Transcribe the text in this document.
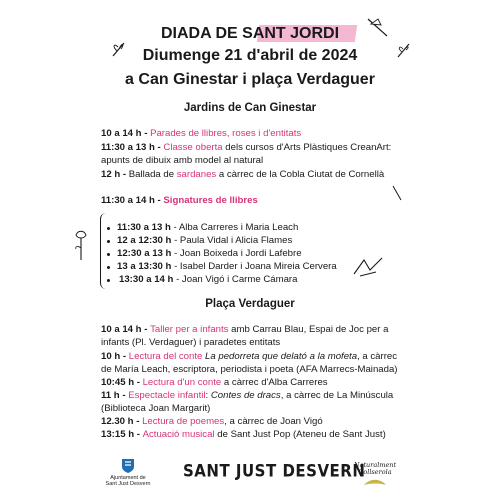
DIADA DE SANT JORDI
Diumenge 21 d'abril de 2024
a Can Ginestar i plaça Verdaguer
Jardins de Can Ginestar
10 a 14 h - Parades de llibres, roses i d'entitats
11:30 a 13 h - Classe oberta dels cursos d'Arts Plàstiques CreanArt:
apunts de dibuix amb model al natural
12 h - Ballada de sardanes a càrrec de la Cobla Ciutat de Cornellà
11:30 a 14 h - Signatures de llibres
11:30 a 13 h - Alba Carreres i Maria Leach
12 a 12:30 h - Paula Vidal i Alicia Flames
12:30 a 13 h - Joan Boixeda i Jordi Lafebre
13 a 13:30 h - Isabel Darder i Joana Mireia Cervera
13:30 a 14 h - Joan Vigó i Carme Cámara
Plaça Verdaguer
10 a 14 h - Taller per a infants amb Carrau Blau, Espai de Joc per a
infants (Pl. Verdaguer) i paradetes entitats
10 h - Lectura del conte La pedorreta que delató a la mofeta, a càrrec
de María Leach, escriptora, periodista i poeta (AFA Marrecs-Mainada)
10:45 h - Lectura d'un conte a càrrec d'Alba Carreres
11 h - Espectacle infantil: Contes de dracs, a càrrec de La Minúscula
(Biblioteca Joan Margarit)
12.30 h - Lectura de poemes, a càrrec de Joan Vigó
13:15 h - Actuació musical de Sant Just Pop (Ateneu de Sant Just)
Ajuntament de
Sant Just Desvern
SANT JUST DESVERN
Naturalment
Collserola
